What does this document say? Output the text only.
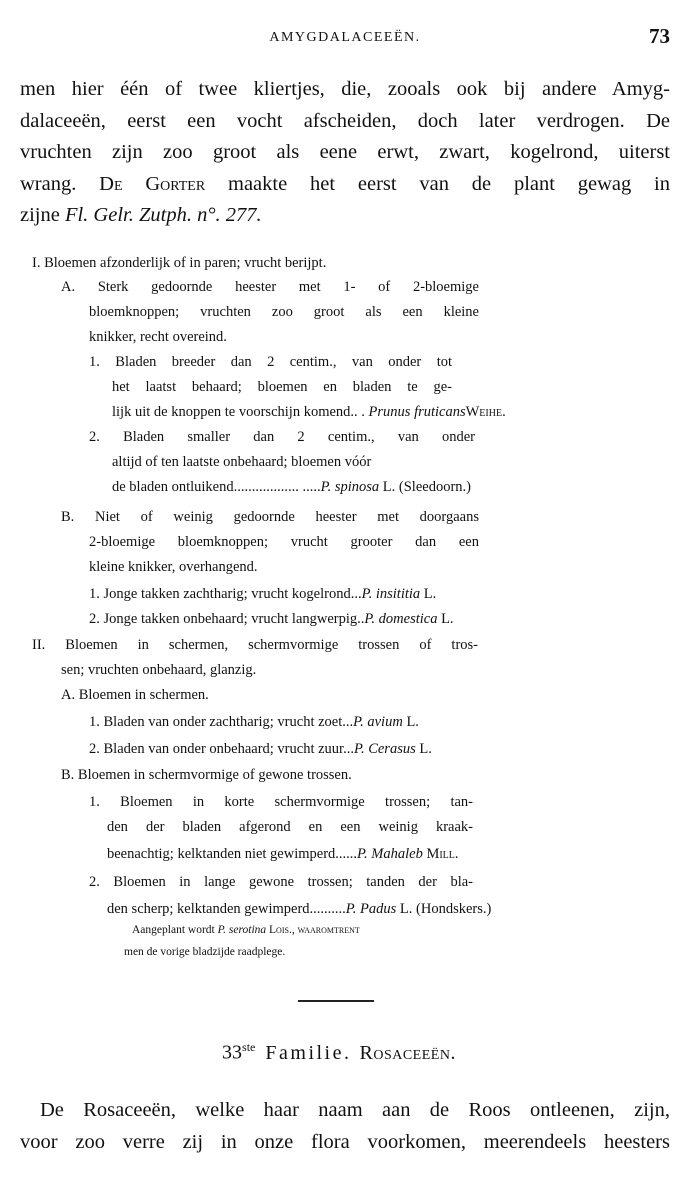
AMYGDALACEEËN.	73
men hier één of twee kliertjes, die, zooals ook bij andere Amyg-
dalaceeën, eerst een vocht afscheiden, doch later verdrogen. De
vruchten zijn zoo groot als eene erwt, zwart, kogelrond, uiterst
wrang. De Gorter maakte het eerst van de plant gewag in
zijne Fl. Gelr. Zutph. n°. 277.
I. Bloemen afzonderlijk of in paren; vrucht berijpt.
A. Sterk gedoornde heester met 1- of 2-bloemige
bloemknoppen; vruchten zoo groot als een kleine
knikker, recht overeind.
1. Bladen breeder dan 2 centim., van onder tot
het laatst behaard; bloemen en bladen te ge-
lijk uit de knoppen te voorschijn komend.. . Prunus fruticansWeihe.
2. Bladen smaller dan 2 centim., van onder
altijd of ten laatste onbehaard; bloemen vóór
de bladen ontluikend.................. .....P. spinosa L. (Sleedoorn.)
B. Niet of weinig gedoornde heester met doorgaans
2-bloemige bloemknoppen; vrucht grooter dan een
kleine knikker, overhangend.
1. Jonge takken zachtharig; vrucht kogelrond...P. insititia L.
2. Jonge takken onbehaard; vrucht langwerpig..P. domestica L.
II. Bloemen in schermen, schermvormige trossen of tros-
sen; vruchten onbehaard, glanzig.
A. Bloemen in schermen.
1. Bladen van onder zachtharig; vrucht zoet...P. avium L.
2. Bladen van onder onbehaard; vrucht zuur...P. Cerasus L.
B. Bloemen in schermvormige of gewone trossen.
1. Bloemen in korte schermvormige trossen; tan-
den der bladen afgerond en een weinig kraak-
beenachtig; kelktanden niet gewimperd......P. Mahaleb Mill.
2. Bloemen in lange gewone trossen; tanden der bla-
den scherp; kelktanden gewimperd..........P. Padus L. (Hondskers.)
Aangeplant wordt P. serotina Lois., waaromtrent
men de vorige bladzijde raadplege.
33ste Familie. Rosaceeën.
De Rosaceeën, welke haar naam aan de Roos ontleenen, zijn,
voor zoo verre zij in onze flora voorkomen, meerendeels heesters
